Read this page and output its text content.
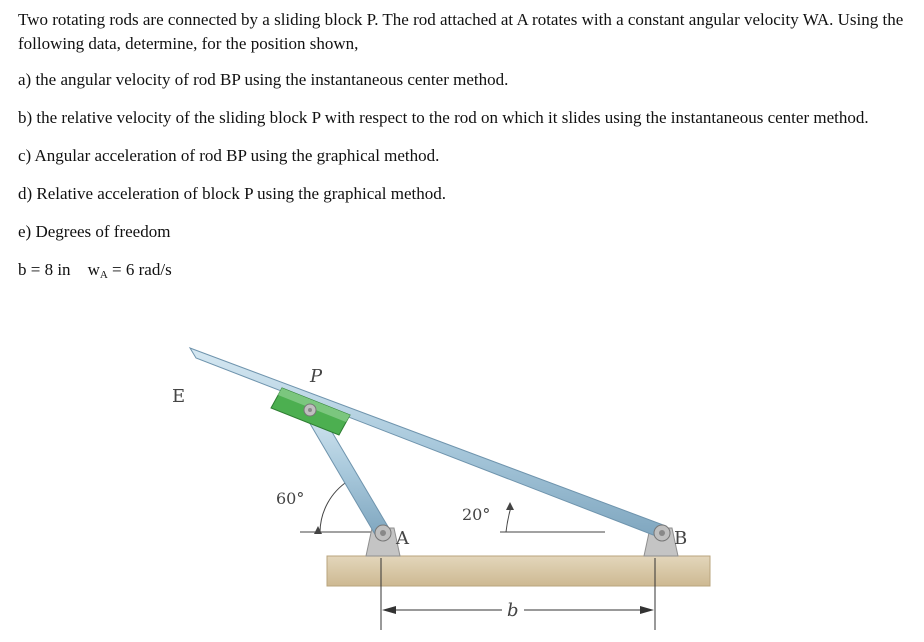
Two rotating rods are connected by a sliding block P. The rod attached at A rotates with a constant angular velocity WA. Using the following data, determine, for the position shown,

a) the angular velocity of rod BP using the instantaneous center method.

b) the relative velocity of the sliding block P with respect to the rod on which it slides using the instantaneous center method.

c) Angular acceleration of rod BP using the graphical method.

d) Relative acceleration of block P using the graphical method.

e) Degrees of freedom

b = 8 in wA = 6 rad/s
b
60°
20°
E
P
A	B
